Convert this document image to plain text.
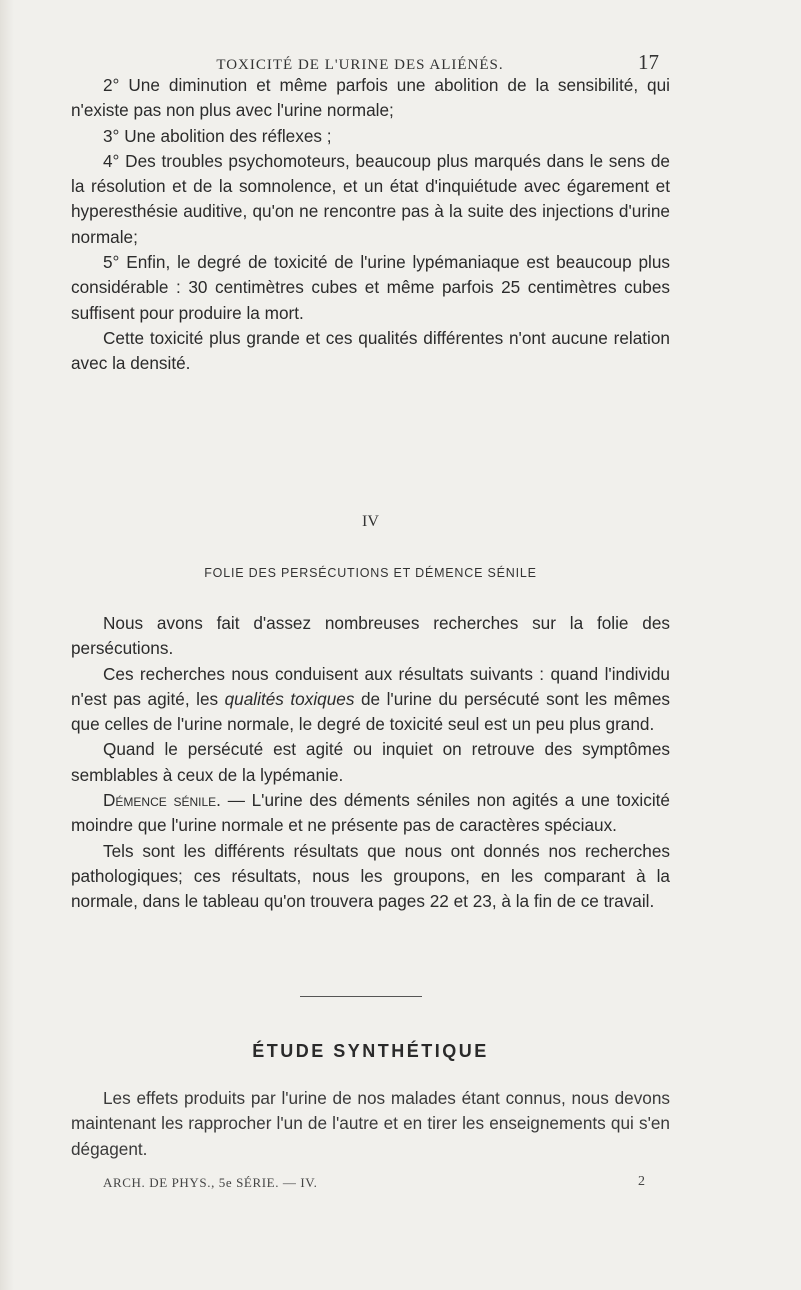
TOXICITÉ DE L'URINE DES ALIÉNÉS.	17

2° Une diminution et même parfois une abolition de la sensibilité, qui n'existe pas non plus avec l'urine normale;

3° Une abolition des réflexes ;

4° Des troubles psychomoteurs, beaucoup plus marqués dans le sens de la résolution et de la somnolence, et un état d'inquiétude avec égarement et hyperesthésie auditive, qu'on ne rencontre pas à la suite des injections d'urine normale;

5° Enfin, le degré de toxicité de l'urine lypémaniaque est beaucoup plus considérable : 30 centimètres cubes et même parfois 25 centimètres cubes suffisent pour produire la mort.

Cette toxicité plus grande et ces qualités différentes n'ont aucune relation avec la densité.

IV
FOLIE DES PERSÉCUTIONS ET DÉMENCE SÉNILE

Nous avons fait d'assez nombreuses recherches sur la folie des persécutions.

Ces recherches nous conduisent aux résultats suivants : quand l'individu n'est pas agité, les qualités toxiques de l'urine du persécuté sont les mêmes que celles de l'urine normale, le degré de toxicité seul est un peu plus grand.

Quand le persécuté est agité ou inquiet on retrouve des symptômes semblables à ceux de la lypémanie.

Démence sénile. — L'urine des déments séniles non agités a une toxicité moindre que l'urine normale et ne présente pas de caractères spéciaux.

Tels sont les différents résultats que nous ont donnés nos recherches pathologiques; ces résultats, nous les groupons, en les comparant à la normale, dans le tableau qu'on trouvera pages 22 et 23, à la fin de ce travail.

ÉTUDE SYNTHÉTIQUE

Les effets produits par l'urine de nos malades étant connus, nous devons maintenant les rapprocher l'un de l'autre et en tirer les enseignements qui s'en dégagent.

ARCH. DE PHYS., 5e SÉRIE. — IV.	2
